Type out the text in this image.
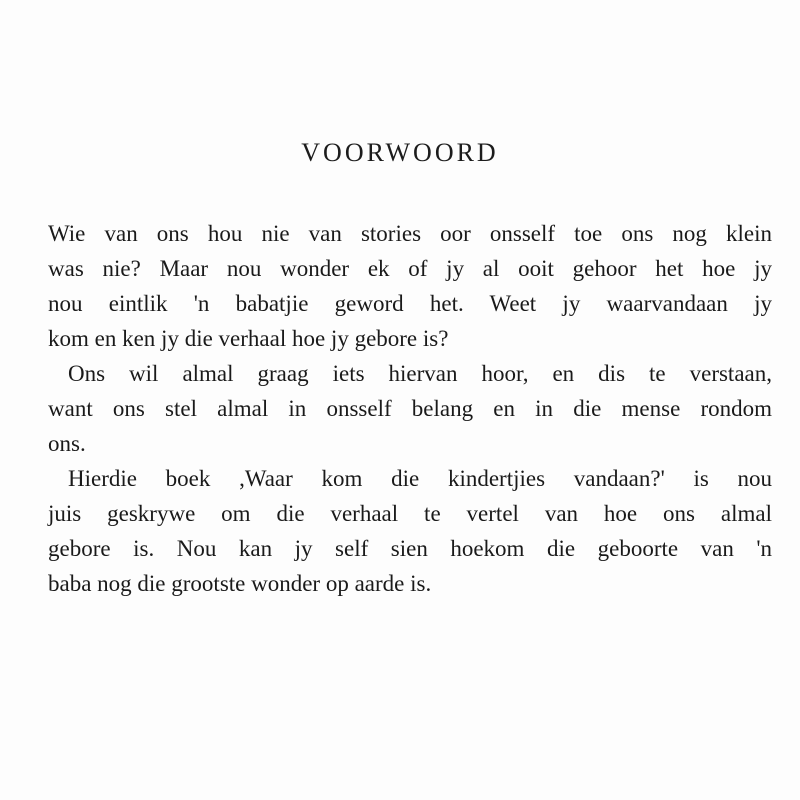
VOORWOORD
Wie van ons hou nie van stories oor onsself toe ons nog klein
was nie? Maar nou wonder ek of jy al ooit gehoor het hoe jy
nou eintlik 'n babatjie geword het. Weet jy waarvandaan jy
kom en ken jy die verhaal hoe jy gebore is?
Ons wil almal graag iets hiervan hoor, en dis te verstaan,
want ons stel almal in onsself belang en in die mense rondom
ons.
Hierdie boek ,Waar kom die kindertjies vandaan?' is nou
juis geskrywe om die verhaal te vertel van hoe ons almal
gebore is. Nou kan jy self sien hoekom die geboorte van 'n
baba nog die grootste wonder op aarde is.
